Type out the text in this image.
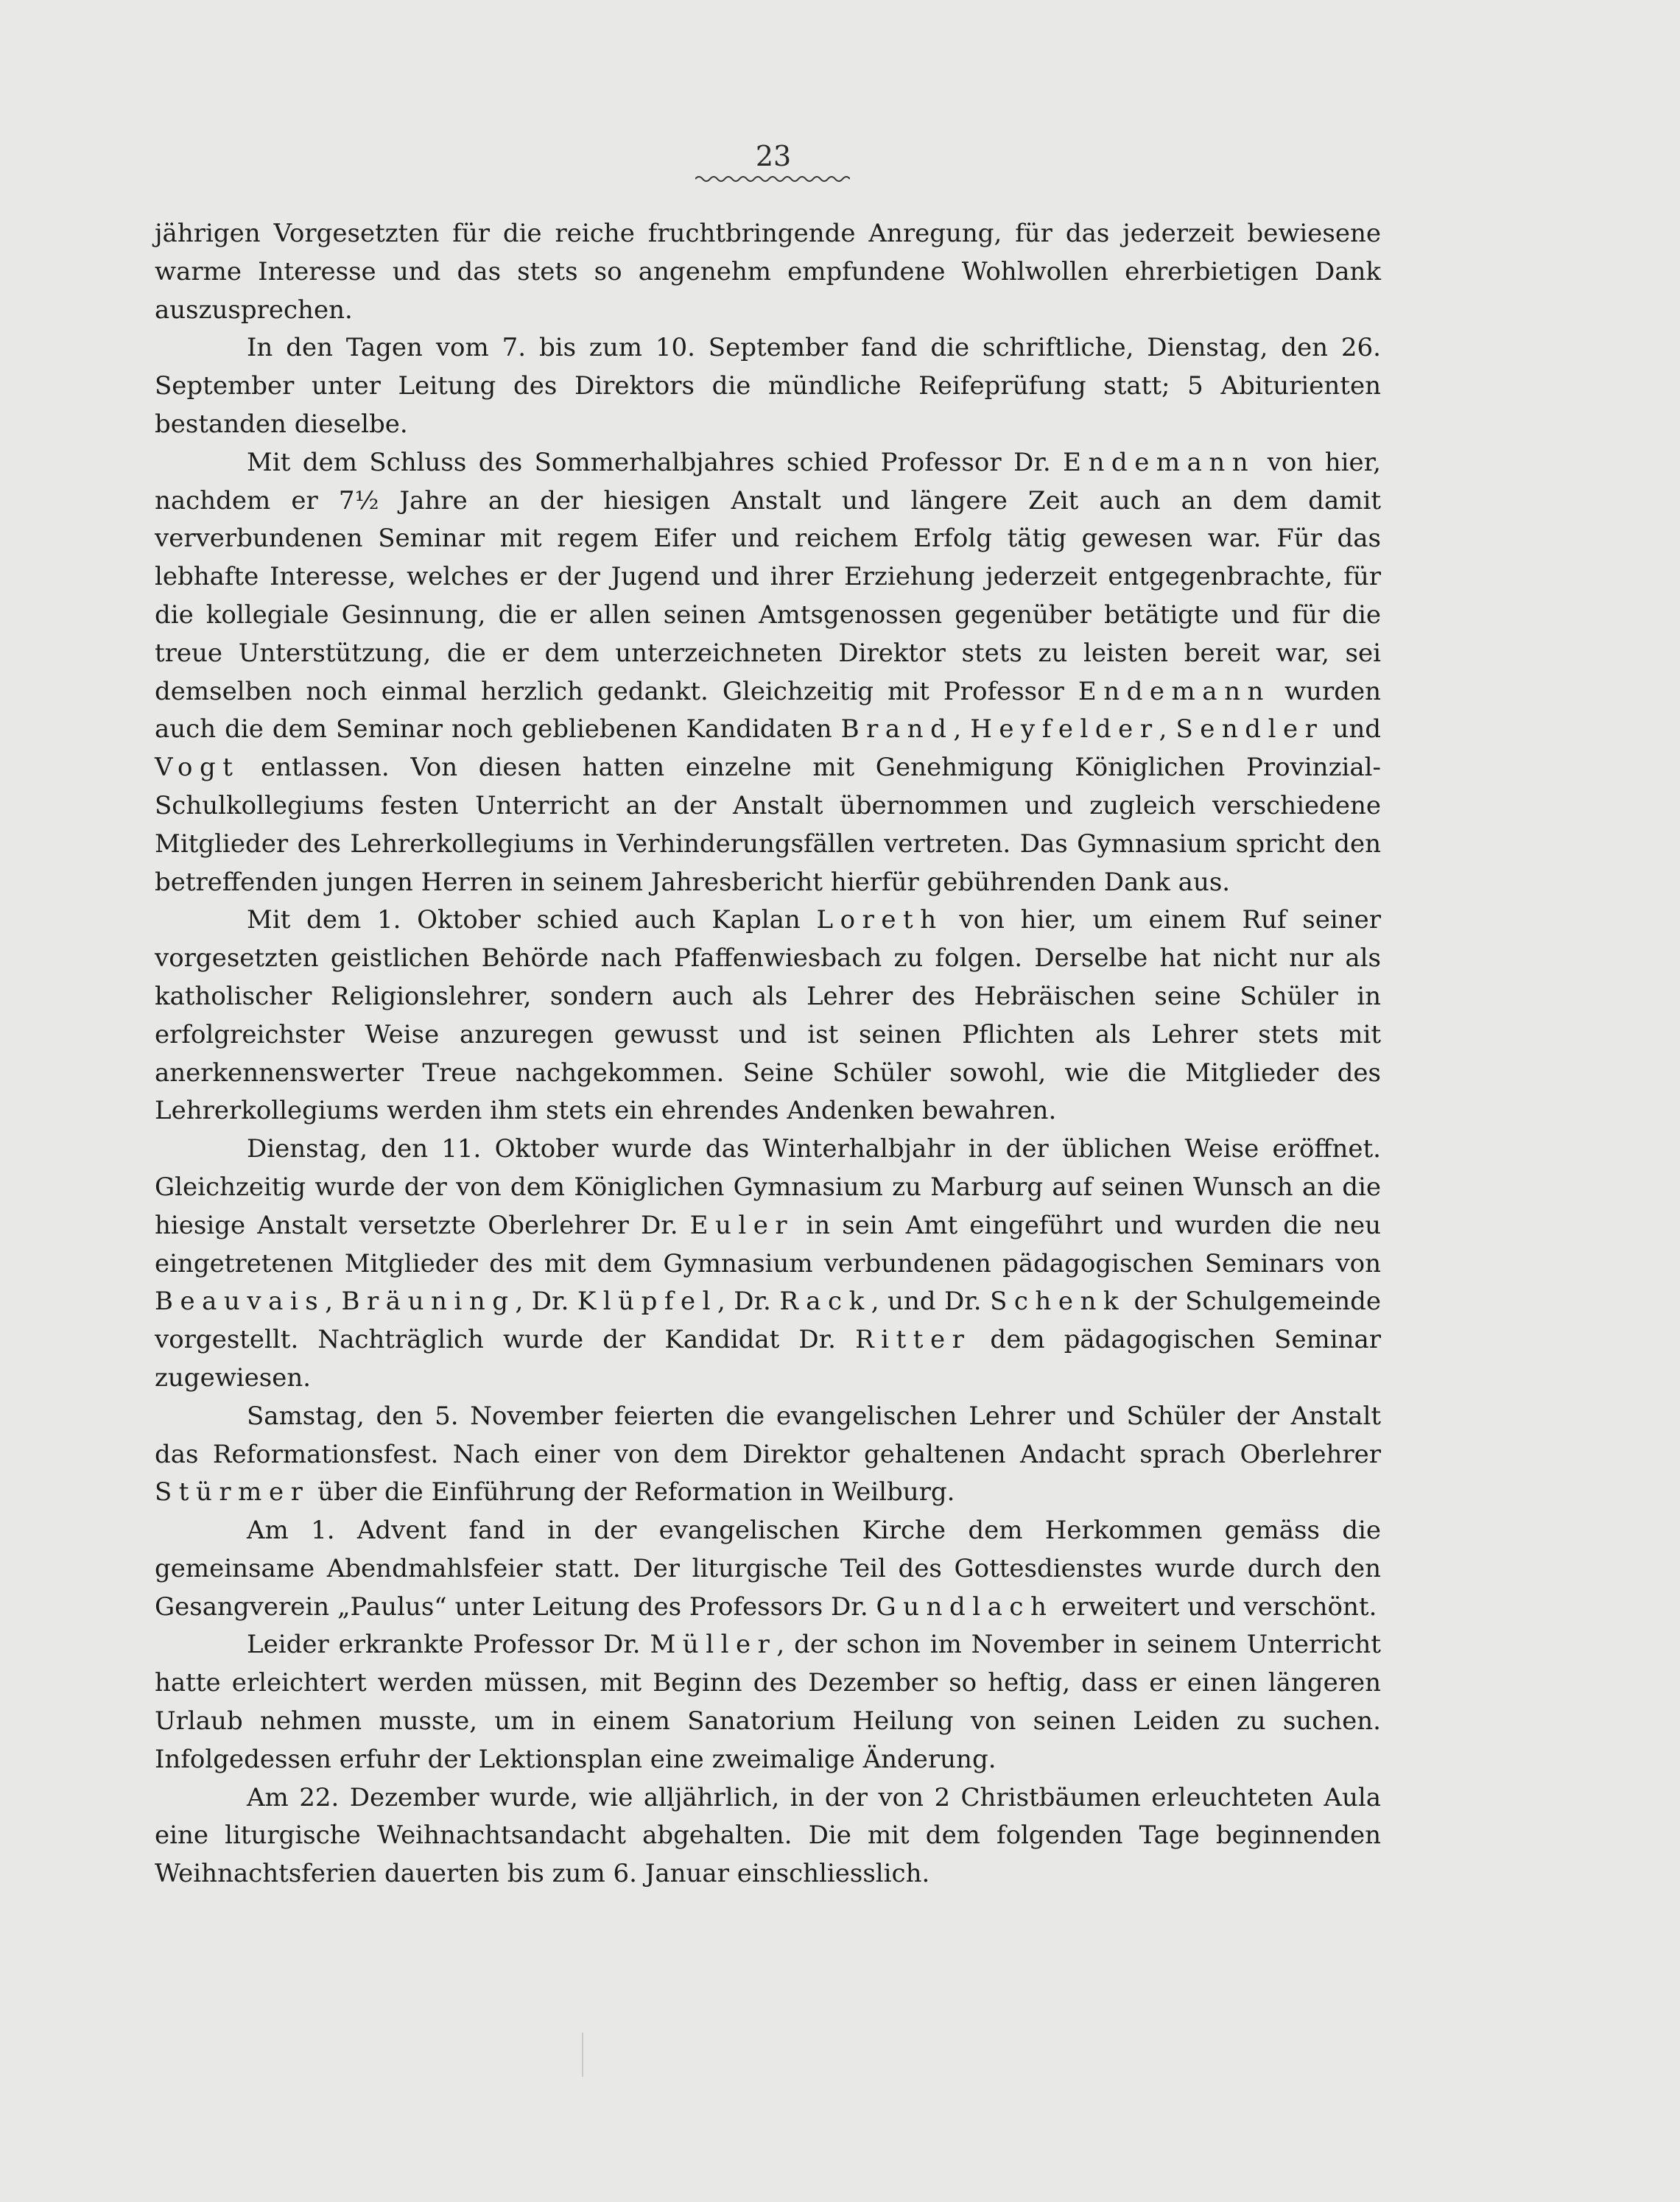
23

jährigen Vorgesetzten für die reiche fruchtbringende Anregung, für das jederzeit bewiesene warme Interesse und das stets so angenehm empfundene Wohlwollen ehrerbietigen Dank auszusprechen.

In den Tagen vom 7. bis zum 10. September fand die schriftliche, Dienstag, den 26. September unter Leitung des Direktors die mündliche Reifeprüfung statt; 5 Abiturienten bestanden dieselbe.

Mit dem Schluss des Sommerhalbjahres schied Professor Dr. Endemann von hier, nachdem er 7½ Jahre an der hiesigen Anstalt und längere Zeit auch an dem damit ververbundenen Seminar mit regem Eifer und reichem Erfolg tätig gewesen war. Für das lebhafte Interesse, welches er der Jugend und ihrer Erziehung jederzeit entgegenbrachte, für die kollegiale Gesinnung, die er allen seinen Amtsgenossen gegenüber betätigte und für die treue Unterstützung, die er dem unterzeichneten Direktor stets zu leisten bereit war, sei demselben noch einmal herzlich gedankt. Gleichzeitig mit Professor Endemann wurden auch die dem Seminar noch gebliebenen Kandidaten Brand, Heyfelder, Sendler und Vogt entlassen. Von diesen hatten einzelne mit Genehmigung Königlichen Provinzial-Schulkollegiums festen Unterricht an der Anstalt übernommen und zugleich verschiedene Mitglieder des Lehrerkollegiums in Verhinderungsfällen vertreten. Das Gymnasium spricht den betreffenden jungen Herren in seinem Jahresbericht hierfür gebührenden Dank aus.

Mit dem 1. Oktober schied auch Kaplan Loreth von hier, um einem Ruf seiner vorgesetzten geistlichen Behörde nach Pfaffenwiesbach zu folgen. Derselbe hat nicht nur als katholischer Religionslehrer, sondern auch als Lehrer des Hebräischen seine Schüler in erfolgreichster Weise anzuregen gewusst und ist seinen Pflichten als Lehrer stets mit anerkennenswerter Treue nachgekommen. Seine Schüler sowohl, wie die Mitglieder des Lehrerkollegiums werden ihm stets ein ehrendes Andenken bewahren.

Dienstag, den 11. Oktober wurde das Winterhalbjahr in der üblichen Weise eröffnet. Gleichzeitig wurde der von dem Königlichen Gymnasium zu Marburg auf seinen Wunsch an die hiesige Anstalt versetzte Oberlehrer Dr. Euler in sein Amt eingeführt und wurden die neu eingetretenen Mitglieder des mit dem Gymnasium verbundenen pädagogischen Seminars von Beauvais, Bräuning, Dr. Klüpfel, Dr. Rack, und Dr. Schenk der Schulgemeinde vorgestellt. Nachträglich wurde der Kandidat Dr. Ritter dem pädagogischen Seminar zugewiesen.

Samstag, den 5. November feierten die evangelischen Lehrer und Schüler der Anstalt das Reformationsfest. Nach einer von dem Direktor gehaltenen Andacht sprach Oberlehrer Stürmer über die Einführung der Reformation in Weilburg.

Am 1. Advent fand in der evangelischen Kirche dem Herkommen gemäss die gemeinsame Abendmahlsfeier statt. Der liturgische Teil des Gottesdienstes wurde durch den Gesangverein „Paulus“ unter Leitung des Professors Dr. Gundlach erweitert und verschönt.

Leider erkrankte Professor Dr. Müller, der schon im November in seinem Unterricht hatte erleichtert werden müssen, mit Beginn des Dezember so heftig, dass er einen längeren Urlaub nehmen musste, um in einem Sanatorium Heilung von seinen Leiden zu suchen. Infolgedessen erfuhr der Lektionsplan eine zweimalige Änderung.

Am 22. Dezember wurde, wie alljährlich, in der von 2 Christbäumen erleuchteten Aula eine liturgische Weihnachtsandacht abgehalten. Die mit dem folgenden Tage beginnenden Weihnachtsferien dauerten bis zum 6. Januar einschliesslich.
